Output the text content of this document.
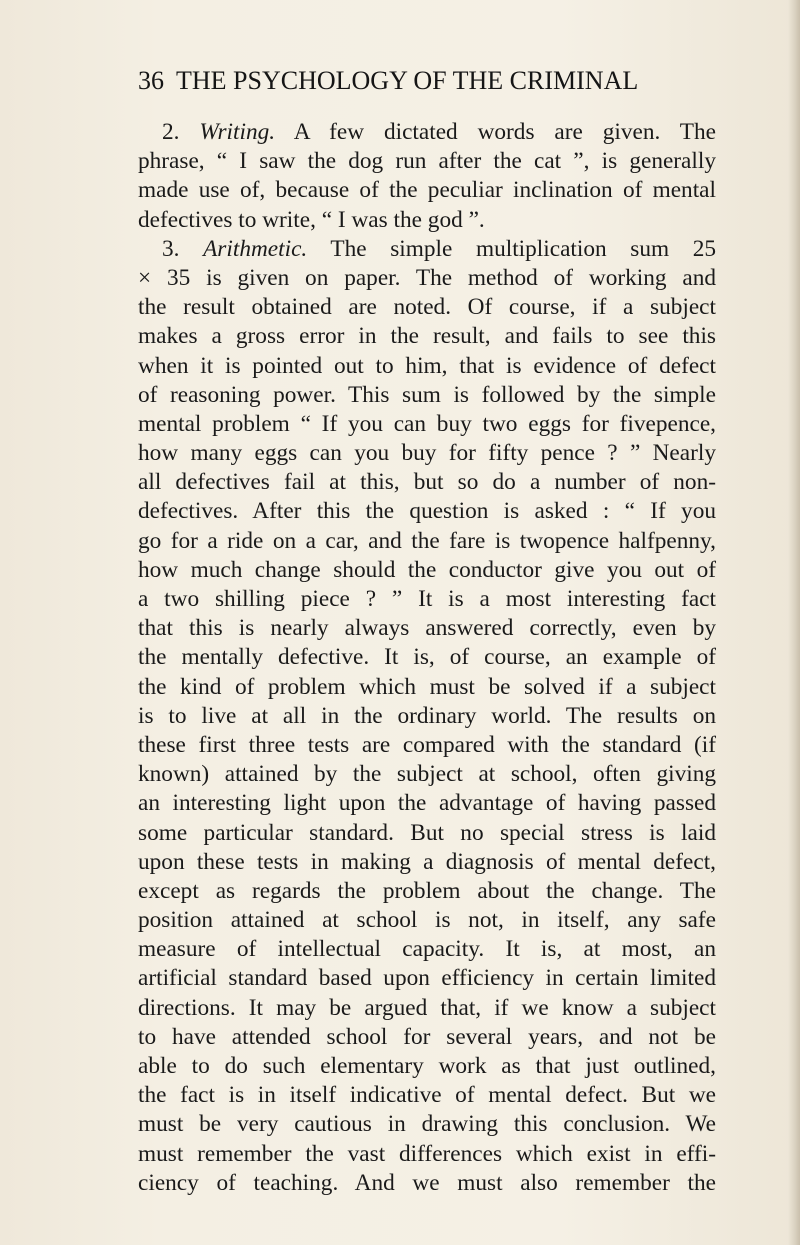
36 THE PSYCHOLOGY OF THE CRIMINAL
2. Writing. A few dictated words are given. The
phrase, “ I saw the dog run after the cat ”, is generally
made use of, because of the peculiar inclination of mental
defectives to write, “ I was the god ”.
3. Arithmetic. The simple multiplication sum 25
× 35 is given on paper. The method of working and
the result obtained are noted. Of course, if a subject
makes a gross error in the result, and fails to see this
when it is pointed out to him, that is evidence of defect
of reasoning power. This sum is followed by the simple
mental problem “ If you can buy two eggs for fivepence,
how many eggs can you buy for fifty pence ? ” Nearly
all defectives fail at this, but so do a number of non-
defectives. After this the question is asked : “ If you
go for a ride on a car, and the fare is twopence halfpenny,
how much change should the conductor give you out of
a two shilling piece ? ” It is a most interesting fact
that this is nearly always answered correctly, even by
the mentally defective. It is, of course, an example of
the kind of problem which must be solved if a subject
is to live at all in the ordinary world. The results on
these first three tests are compared with the standard (if
known) attained by the subject at school, often giving
an interesting light upon the advantage of having passed
some particular standard. But no special stress is laid
upon these tests in making a diagnosis of mental defect,
except as regards the problem about the change. The
position attained at school is not, in itself, any safe
measure of intellectual capacity. It is, at most, an
artificial standard based upon efficiency in certain limited
directions. It may be argued that, if we know a subject
to have attended school for several years, and not be
able to do such elementary work as that just outlined,
the fact is in itself indicative of mental defect. But we
must be very cautious in drawing this conclusion. We
must remember the vast differences which exist in effi-
ciency of teaching. And we must also remember the
